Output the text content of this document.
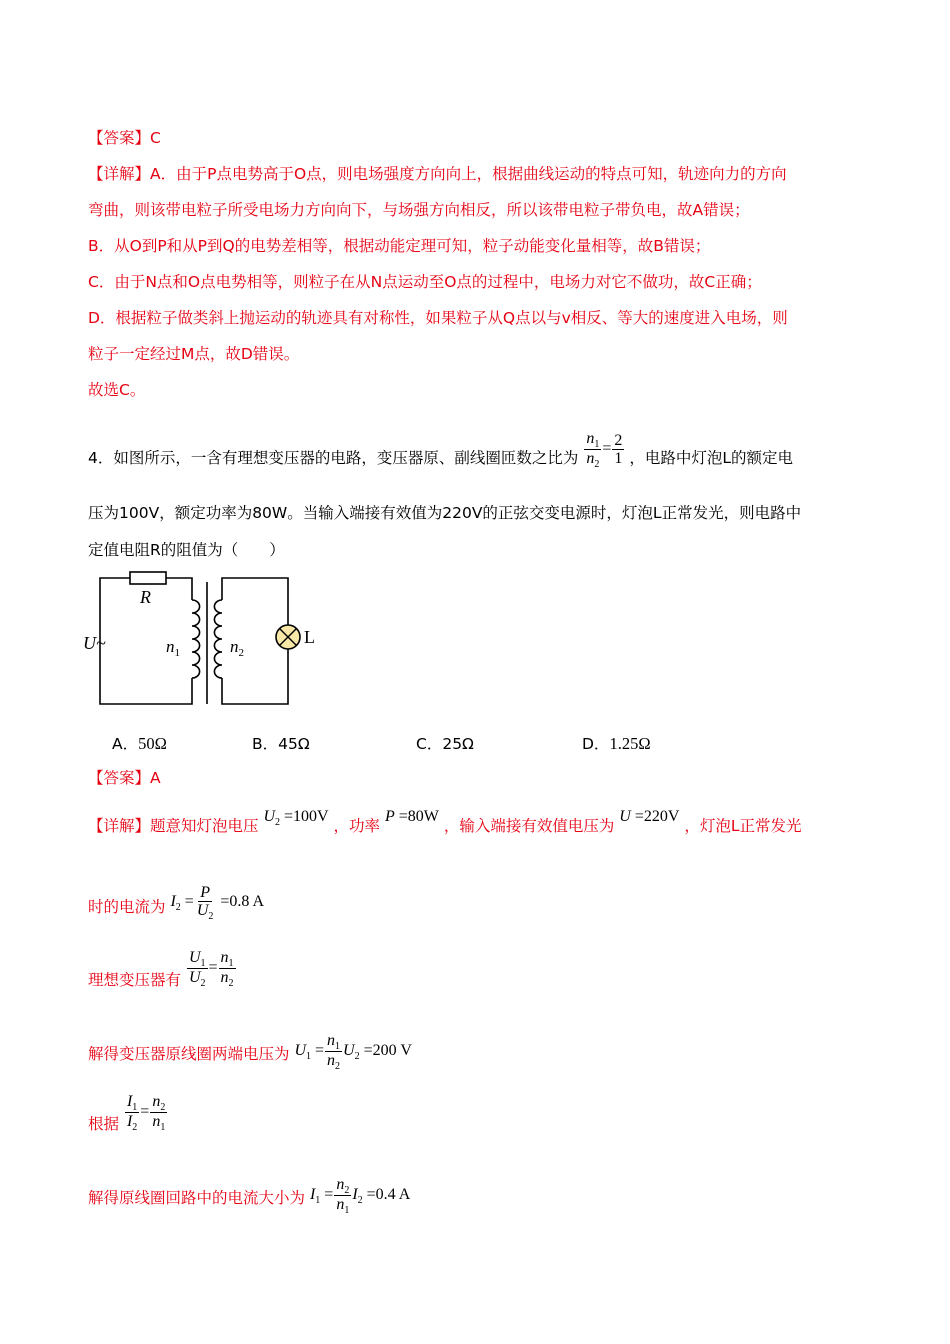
【答案】C
【详解】A．由于P点电势高于O点，则电场强度方向向上，根据曲线运动的特点可知，轨迹向力的方向
弯曲，则该带电粒子所受电场力方向向下，与场强方向相反，所以该带电粒子带负电，故A错误；
B．从O到P和从P到Q的电势差相等，根据动能定理可知，粒子动能变化量相等，故B错误；
C．由于N点和O点电势相等，则粒子在从N点运动至O点的过程中，电场力对它不做功，故C正确；
D．根据粒子做类斜上抛运动的轨迹具有对称性，如果粒子从Q点以与v相反、等大的速度进入电场，则
粒子一定经过M点，故D错误。
故选C。
4．如图所示，一含有理想变压器的电路，变压器原、副线圈匝数之比为 $\frac{n_1}{n_2} = \frac{2}{1}$ ，电路中灯泡L的额定电
压为100V，额定功率为80W。当输入端接有效值为220V的正弦交变电源时，灯泡L正常发光，则电路中
定值电阻R的阻值为（　　）
R
U~	$n_1$	$n_2$
L
A．50Ω	B．45Ω	C．25Ω	D．1.25Ω
【答案】A
【详解】题意知灯泡电压 $U_2 =100V$ ，功率 P =80W ，输入端接有效值电压为 U =220V ，灯泡L正常发光
时的电流为 $I_2 = \frac{P}{U_2} =0.8$ A
理想变压器有 $\frac{U_1}{U_2} = \frac{n_1}{n_2}$
解得变压器原线圈两端电压为 $U_1 = \frac{n_1}{n_2} U_2 =200$ V
根据 $\frac{I_1}{I_2} = \frac{n_2}{n_1}$
解得原线圈回路中的电流大小为 $I_1 = \frac{n_2}{n_1} I_2 =0.4$ A
